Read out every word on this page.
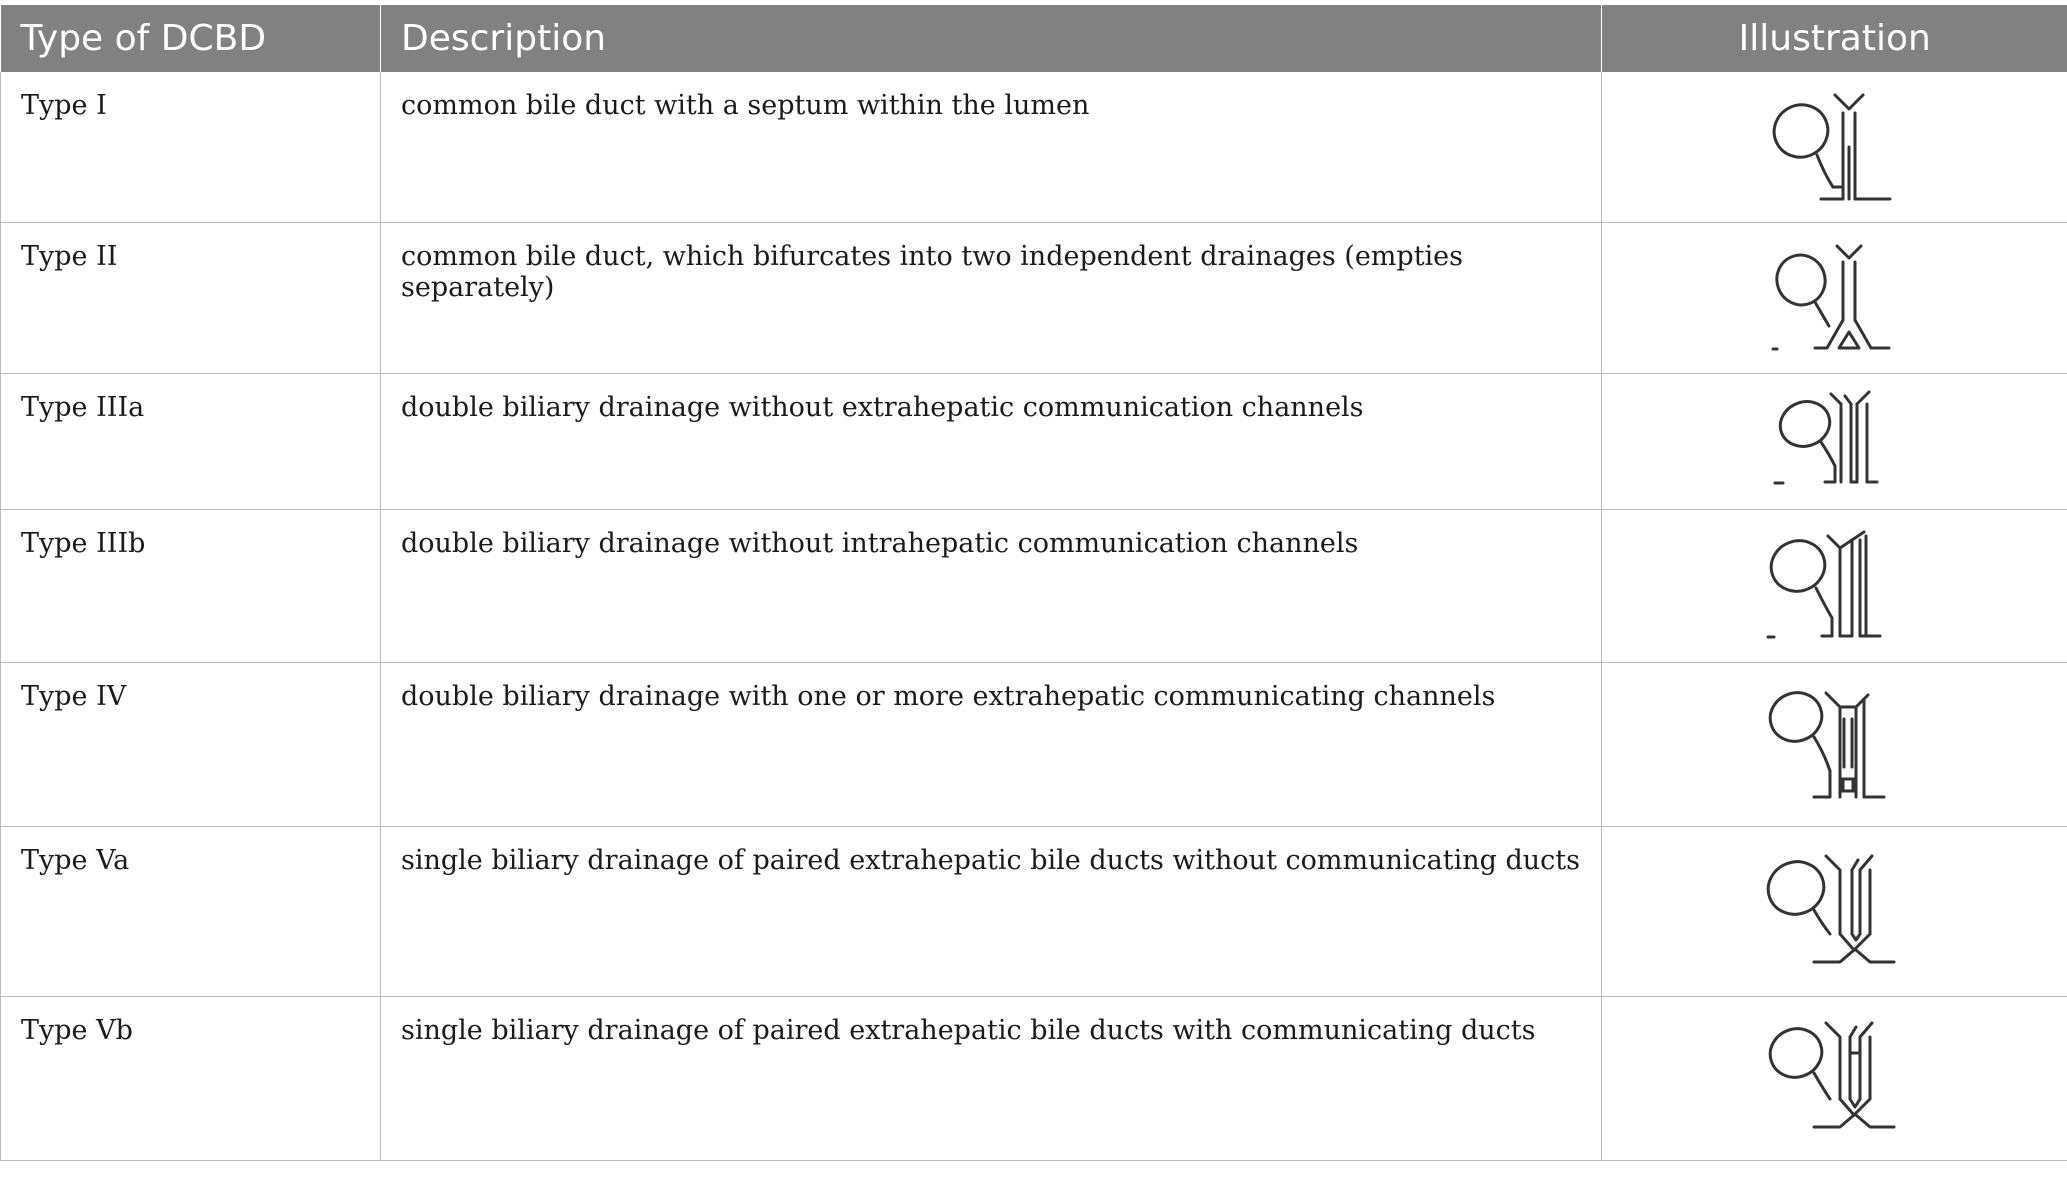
Type of DCBD	Description	Illustration
Type I	common bile duct with a septum within the lumen	

Type II	common bile duct, which bifurcates into two independent drainages (empties separately)	

Type IIIa	double biliary drainage without extrahepatic communication channels	

Type IIIb	double biliary drainage without intrahepatic communication channels	

Type IV	double biliary drainage with one or more extrahepatic communicating channels	

Type Va	single biliary drainage of paired extrahepatic bile ducts without communicating ducts	

Type Vb	single biliary drainage of paired extrahepatic bile ducts with communicating ducts	
